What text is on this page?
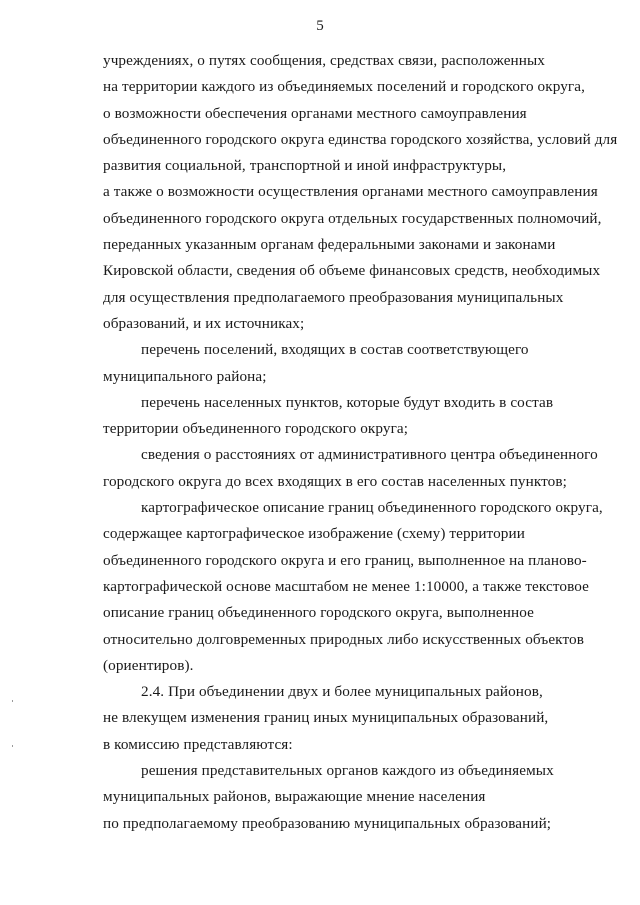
5
учреждениях, о путях сообщения, средствах связи, расположенных
на территории каждого из объединяемых поселений и городского округа,
о возможности обеспечения органами местного самоуправления
объединенного городского округа единства городского хозяйства, условий для
развития социальной, транспортной и иной инфраструктуры,
а также о возможности осуществления органами местного самоуправления
объединенного городского округа отдельных государственных полномочий,
переданных указанным органам федеральными законами и законами
Кировской области, сведения об объеме финансовых средств, необходимых
для осуществления предполагаемого преобразования муниципальных
образований, и их источниках;
перечень поселений, входящих в состав соответствующего
муниципального района;
перечень населенных пунктов, которые будут входить в состав
территории объединенного городского округа;
сведения о расстояниях от административного центра объединенного
городского округа до всех входящих в его состав населенных пунктов;
картографическое описание границ объединенного городского округа,
содержащее картографическое изображение (схему) территории
объединенного городского округа и его границ, выполненное на планово-
картографической основе масштабом не менее 1:10000, а также текстовое
описание границ объединенного городского округа, выполненное
относительно долговременных природных либо искусственных объектов
(ориентиров).
2.4. При объединении двух и более муниципальных районов,
не влекущем изменения границ иных муниципальных образований,
в комиссию представляются:
решения представительных органов каждого из объединяемых
муниципальных районов, выражающие мнение населения
по предполагаемому преобразованию муниципальных образований;
